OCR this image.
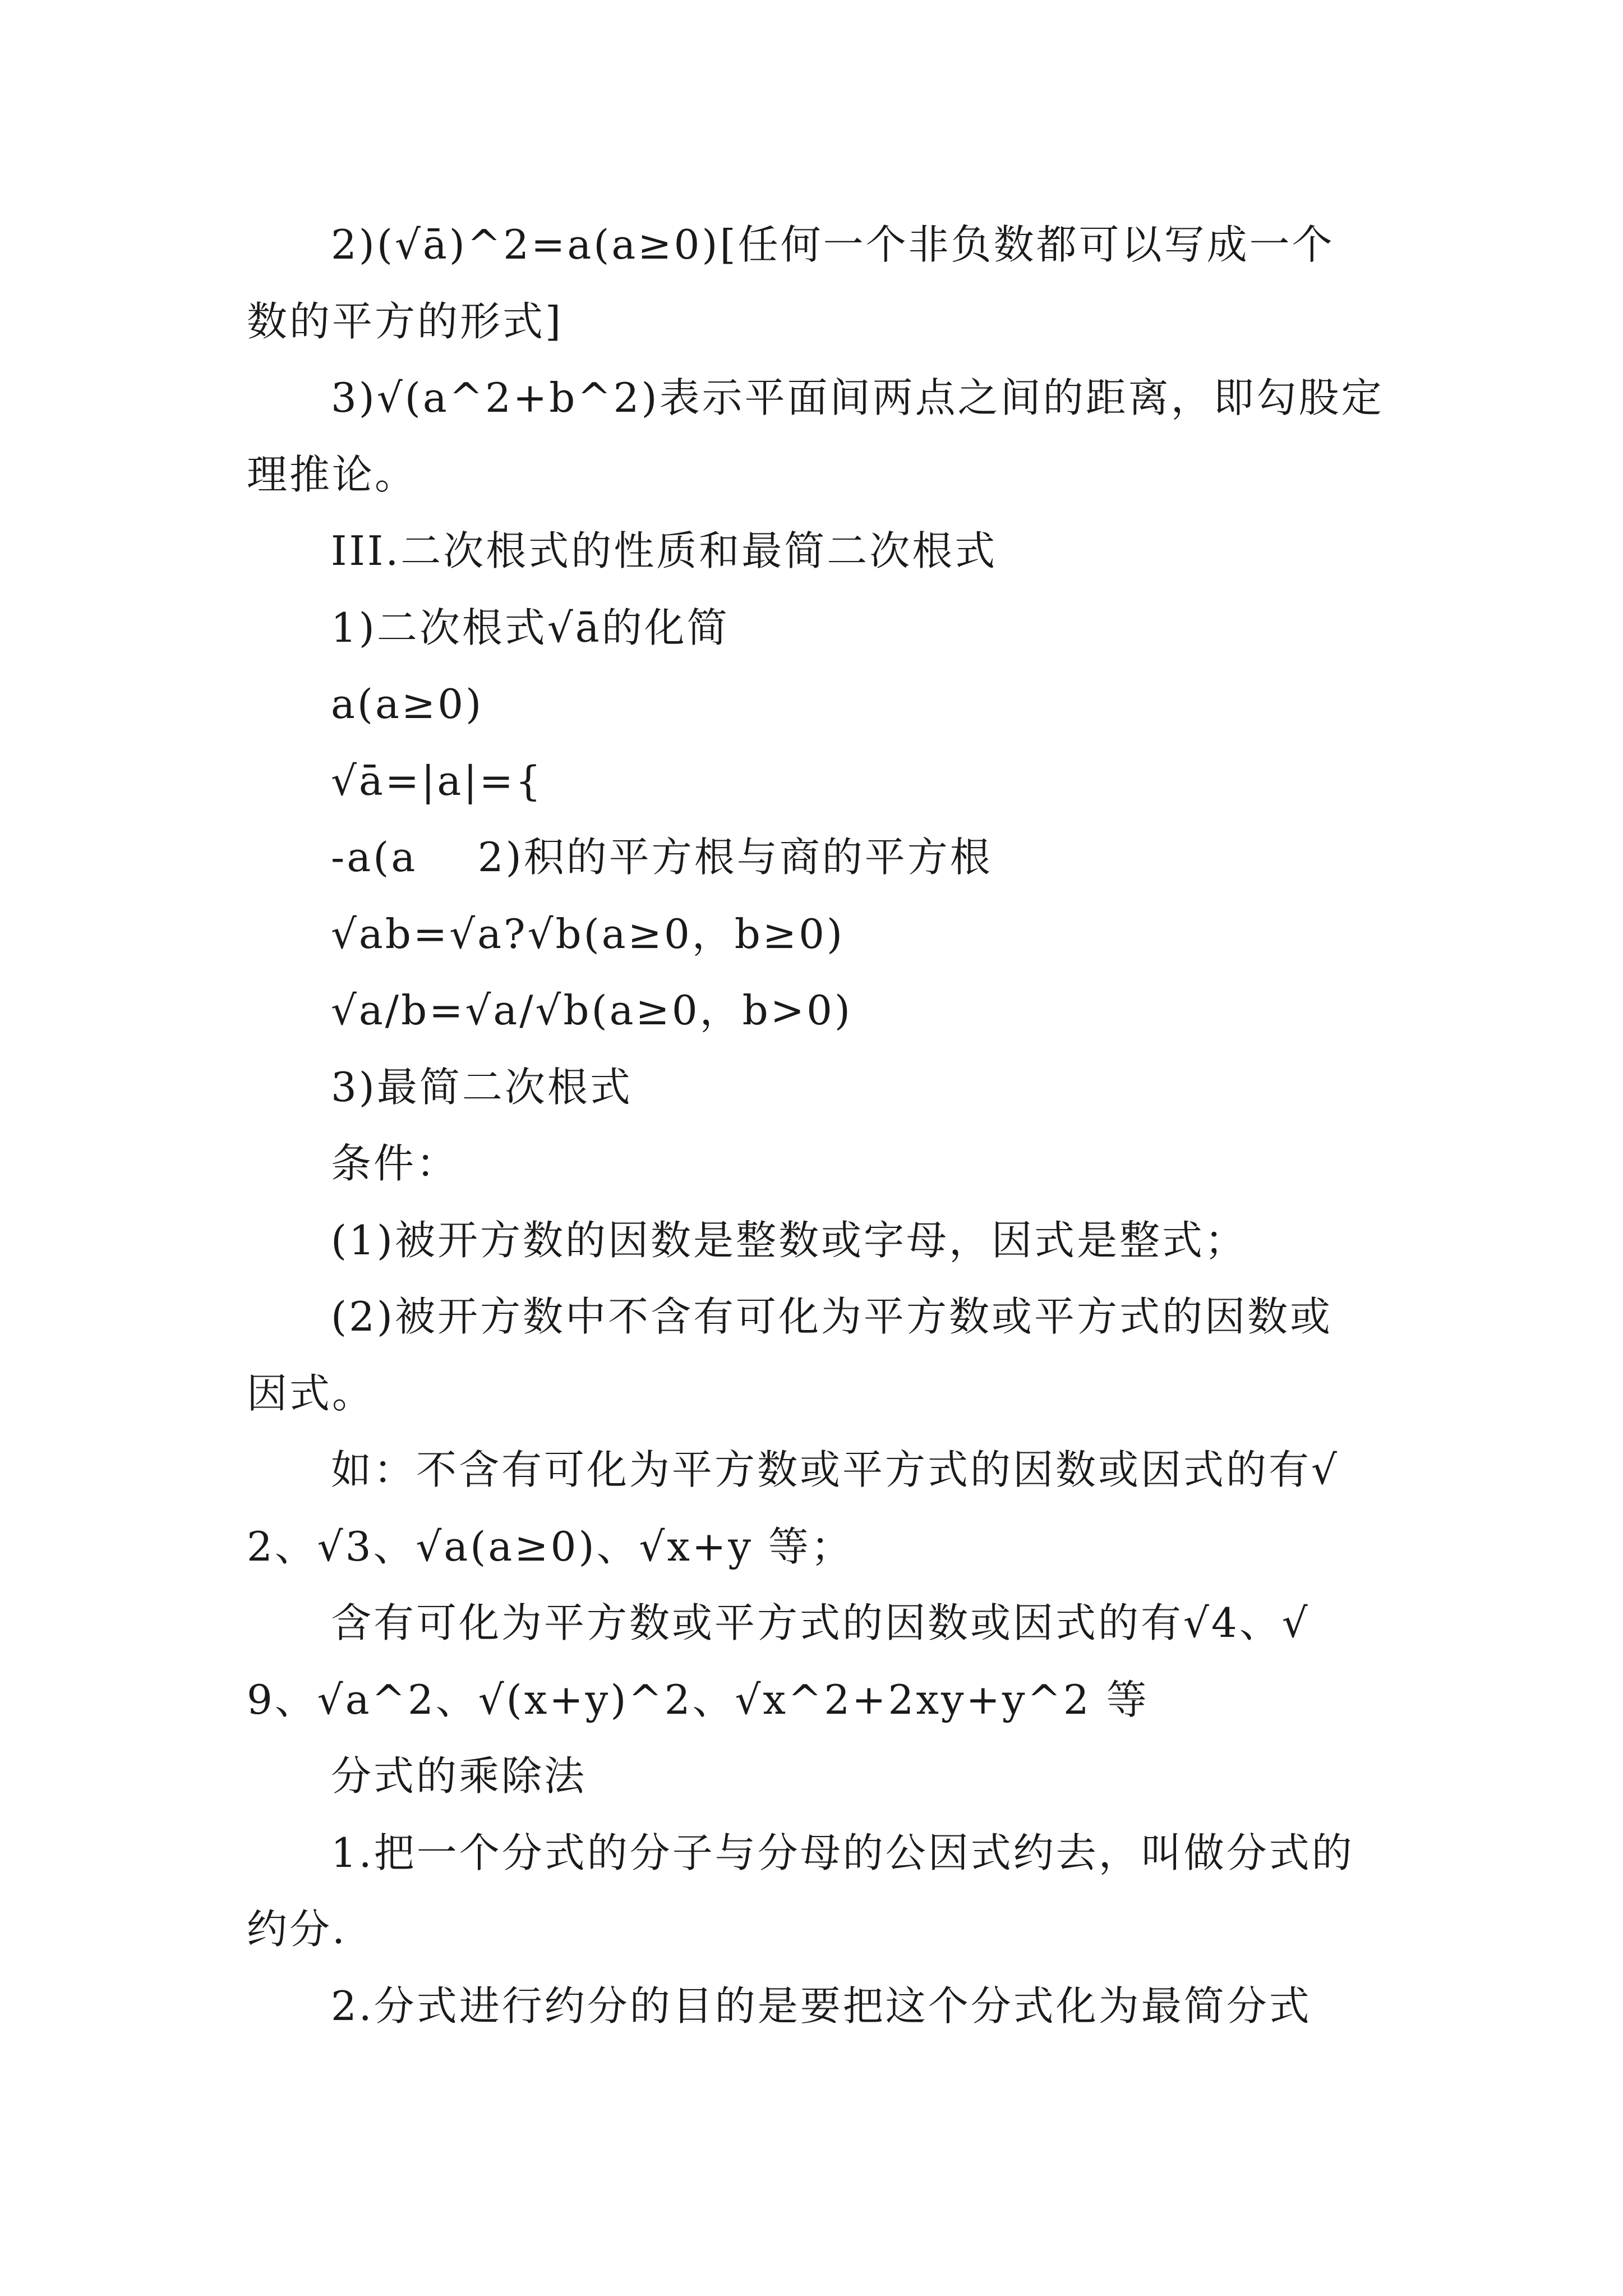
2)(√ā)^2=a(a≥0)[任何一个非负数都可以写成一个
数的平方的形式]
3)√(a^2+b^2)表示平面间两点之间的距离，即勾股定
理推论。
III.二次根式的性质和最简二次根式
1)二次根式√ā的化简
a(a≥0)
√ā=|a|={
-a(a    2)积的平方根与商的平方根
√ab=√a?√b(a≥0，b≥0)
√a/b=√a/√b(a≥0，b>0)
3)最简二次根式
条件：
(1)被开方数的因数是整数或字母，因式是整式；
(2)被开方数中不含有可化为平方数或平方式的因数或
因式。
如：不含有可化为平方数或平方式的因数或因式的有√
2、√3、√a(a≥0)、√x+y 等；
含有可化为平方数或平方式的因数或因式的有√4、√
9、√a^2、√(x+y)^2、√x^2+2xy+y^2 等
分式的乘除法
1.把一个分式的分子与分母的公因式约去，叫做分式的
约分.
2.分式进行约分的目的是要把这个分式化为最简分式
